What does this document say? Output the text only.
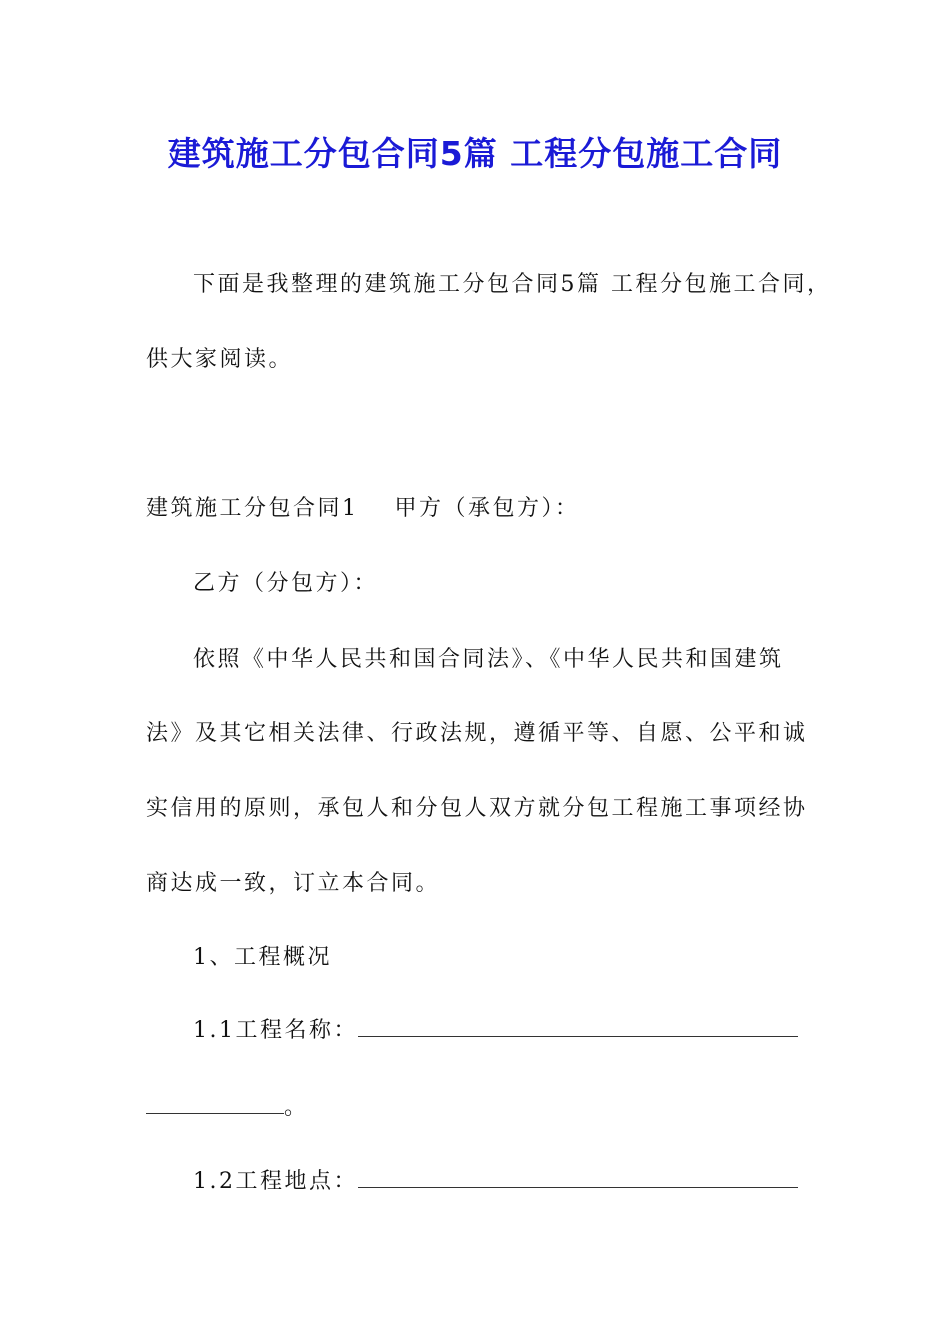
建筑施工分包合同5篇 工程分包施工合同
下面是我整理的建筑施工分包合同5篇 工程分包施工合同，
供大家阅读。
建筑施工分包合同1 甲方（承包方）：
乙方（分包方）：
依照《中华人民共和国合同法》、《中华人民共和国建筑
法》及其它相关法律、行政法规，遵循平等、自愿、公平和诚
实信用的原则，承包人和分包人双方就分包工程施工事项经协
商达成一致，订立本合同。
1、工程概况
1.1工程名称：
。
1.2工程地点：
